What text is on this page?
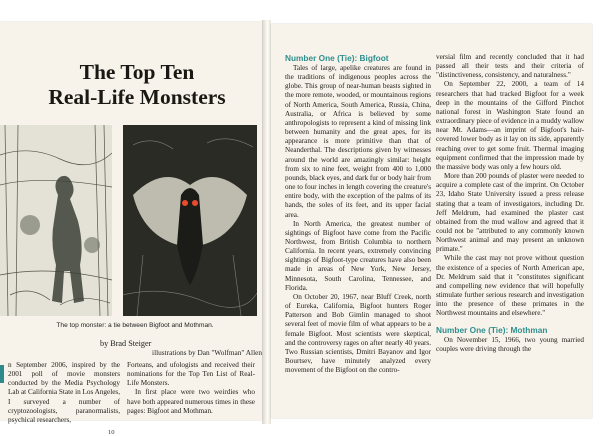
The Top Ten
Real-Life Monsters
The top monster: a tie between Bigfoot and Mothman.
by Brad Steiger
illustrations by Dan "Wolfman" Allen

n September 2006, inspired by the 2001 poll of movie monsters conducted by the Media Psychology Lab at California State in Los Angeles, I surveyed a number of cryptozoologists, paranormalists, psychical researchers,

Forteans, and ufologists and received their nominations for the Top Ten List of Real-Life Monsters.

In first place were two weirdies who have both appeared numerous times in these pages: Bigfoot and Mothman.

10

Number One (Tie): Bigfoot

Tales of large, apelike creatures are found in the traditions of indigenous peoples across the globe. This group of near-human beasts sighted in the more remote, wooded, or mountainous regions of North America, South America, Russia, China, Australia, or Africa is believed by some anthropologists to represent a kind of missing link between humanity and the great apes, for its appearance is more primitive than that of Neanderthal. The descriptions given by witnesses around the world are amazingly similar: height from six to nine feet, weight from 400 to 1,000 pounds, black eyes, and dark fur or body hair from one to four inches in length covering the creature's entire body, with the exception of the palms of its hands, the soles of its feet, and its upper facial area.

In North America, the greatest number of sightings of Bigfoot have come from the Pacific Northwest, from British Columbia to northern California. In recent years, extremely convincing sightings of Bigfoot-type creatures have also been made in areas of New York, New Jersey, Minnesota, South Carolina, Tennessee, and Florida.

On October 20, 1967, near Bluff Creek, north of Eureka, California, Bigfoot hunters Roger Patterson and Bob Gimlin managed to shoot several feet of movie film of what appears to be a female Bigfoot. Most scientists were skeptical, and the controversy rages on after nearly 40 years. Two Russian scientists, Dmitri Bayanov and Igor Bourtsev, have minutely analyzed every movement of the Bigfoot on the contro-

versial film and recently concluded that it had passed all their tests and their criteria of "distinctiveness, consistency, and naturalness."

On September 22, 2000, a team of 14 researchers that had tracked Bigfoot for a week deep in the mountains of the Gifford Pinchot national forest in Washington State found an extraordinary piece of evidence in a muddy wallow near Mt. Adams—an imprint of Bigfoot's hair-covered lower body as it lay on its side, apparently reaching over to get some fruit. Thermal imaging equipment confirmed that the impression made by the massive body was only a few hours old.

More than 200 pounds of plaster were needed to acquire a complete cast of the imprint. On October 23, Idaho State University issued a press release stating that a team of investigators, including Dr. Jeff Meldrum, had examined the plaster cast obtained from the mud wallow and agreed that it could not be "attributed to any commonly known Northwest animal and may present an unknown primate."

While the cast may not prove without question the existence of a species of North American ape, Dr. Meldrum said that it "constitutes significant and compelling new evidence that will hopefully stimulate further serious research and investigation into the presence of these primates in the Northwest mountains and elsewhere."

Number One (Tie): Mothman

On November 15, 1966, two young married couples were driving through the
